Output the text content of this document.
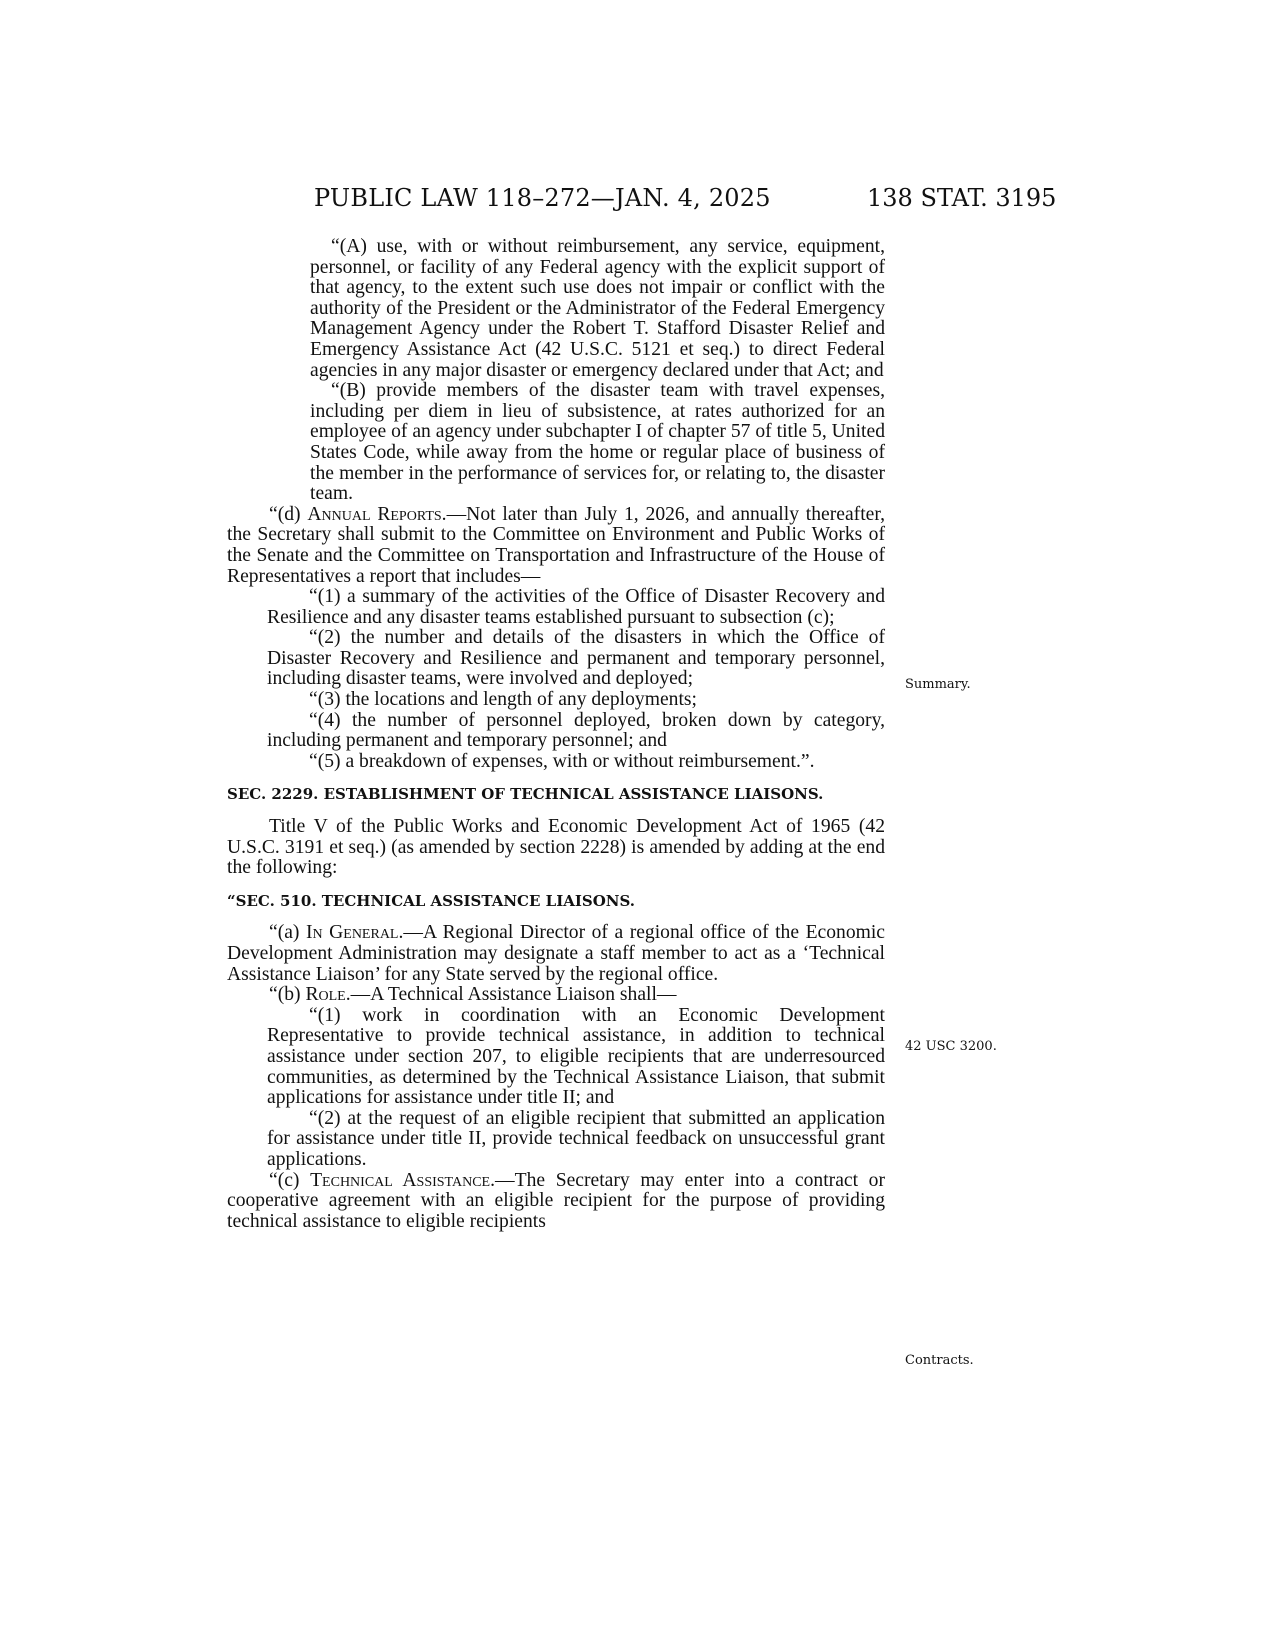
PUBLIC LAW 118–272—JAN. 4, 2025	138 STAT. 3195
Summary.
42 USC 3200.
Contracts.

“(A) use, with or without reimbursement, any service, equipment, personnel, or facility of any Federal agency with the explicit support of that agency, to the extent such use does not impair or conflict with the authority of the President or the Administrator of the Federal Emergency Management Agency under the Robert T. Stafford Disaster Relief and Emergency Assistance Act (42 U.S.C. 5121 et seq.) to direct Federal agencies in any major disaster or emergency declared under that Act; and

“(B) provide members of the disaster team with travel expenses, including per diem in lieu of subsistence, at rates authorized for an employee of an agency under subchapter I of chapter 57 of title 5, United States Code, while away from the home or regular place of business of the member in the performance of services for, or relating to, the disaster team.

“(d) Annual Reports.—Not later than July 1, 2026, and annually thereafter, the Secretary shall submit to the Committee on Environment and Public Works of the Senate and the Committee on Transportation and Infrastructure of the House of Representatives a report that includes—

“(1) a summary of the activities of the Office of Disaster Recovery and Resilience and any disaster teams established pursuant to subsection (c);

“(2) the number and details of the disasters in which the Office of Disaster Recovery and Resilience and permanent and temporary personnel, including disaster teams, were involved and deployed;

“(3) the locations and length of any deployments;

“(4) the number of personnel deployed, broken down by category, including permanent and temporary personnel; and

“(5) a breakdown of expenses, with or without reimbursement.”.

SEC. 2229. ESTABLISHMENT OF TECHNICAL ASSISTANCE LIAISONS.

Title V of the Public Works and Economic Development Act of 1965 (42 U.S.C. 3191 et seq.) (as amended by section 2228) is amended by adding at the end the following:

“SEC. 510. TECHNICAL ASSISTANCE LIAISONS.

“(a) In General.—A Regional Director of a regional office of the Economic Development Administration may designate a staff member to act as a ‘Technical Assistance Liaison’ for any State served by the regional office.

“(b) Role.—A Technical Assistance Liaison shall—

“(1) work in coordination with an Economic Development Representative to provide technical assistance, in addition to technical assistance under section 207, to eligible recipients that are underresourced communities, as determined by the Technical Assistance Liaison, that submit applications for assistance under title II; and

“(2) at the request of an eligible recipient that submitted an application for assistance under title II, provide technical feedback on unsuccessful grant applications.

“(c) Technical Assistance.—The Secretary may enter into a contract or cooperative agreement with an eligible recipient for the purpose of providing technical assistance to eligible recipients
